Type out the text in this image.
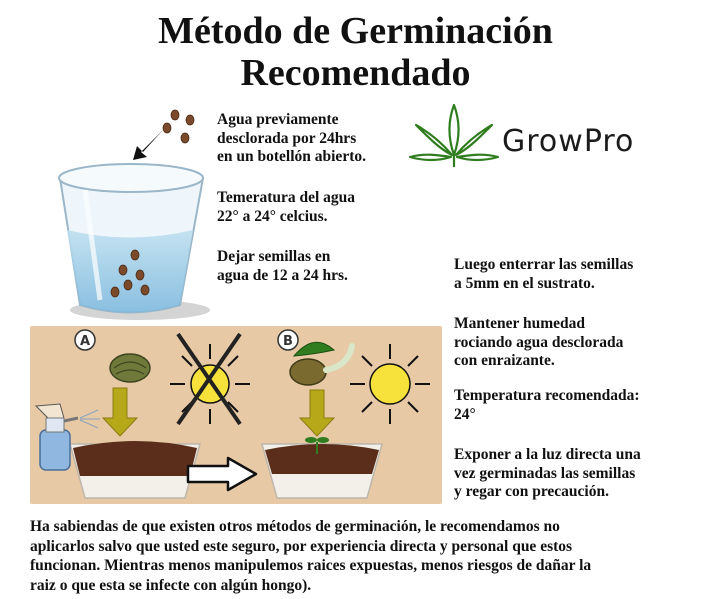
Método de Germinación
Recomendado
Agua previamente
desclorada por 24hrs
en un botellón abierto.
Temeratura del agua
22° a 24° celcius.
Dejar semillas en
agua de 12 a 24 hrs.
GrowPro
A	B
Luego enterrar las semillas
a 5mm en el sustrato.
Mantener humedad
rociando agua desclorada
con enraizante.
Temperatura recomendada:
24°
Exponer a la luz directa una
vez germinadas las semillas
y regar con precaución.
Ha sabiendas de que existen otros métodos de germinación, le recomendamos no
aplicarlos salvo que usted este seguro, por experiencia directa y personal que estos
funcionan. Mientras menos manipulemos raices expuestas, menos riesgos de dañar la
raiz o que esta se infecte con algún hongo).
